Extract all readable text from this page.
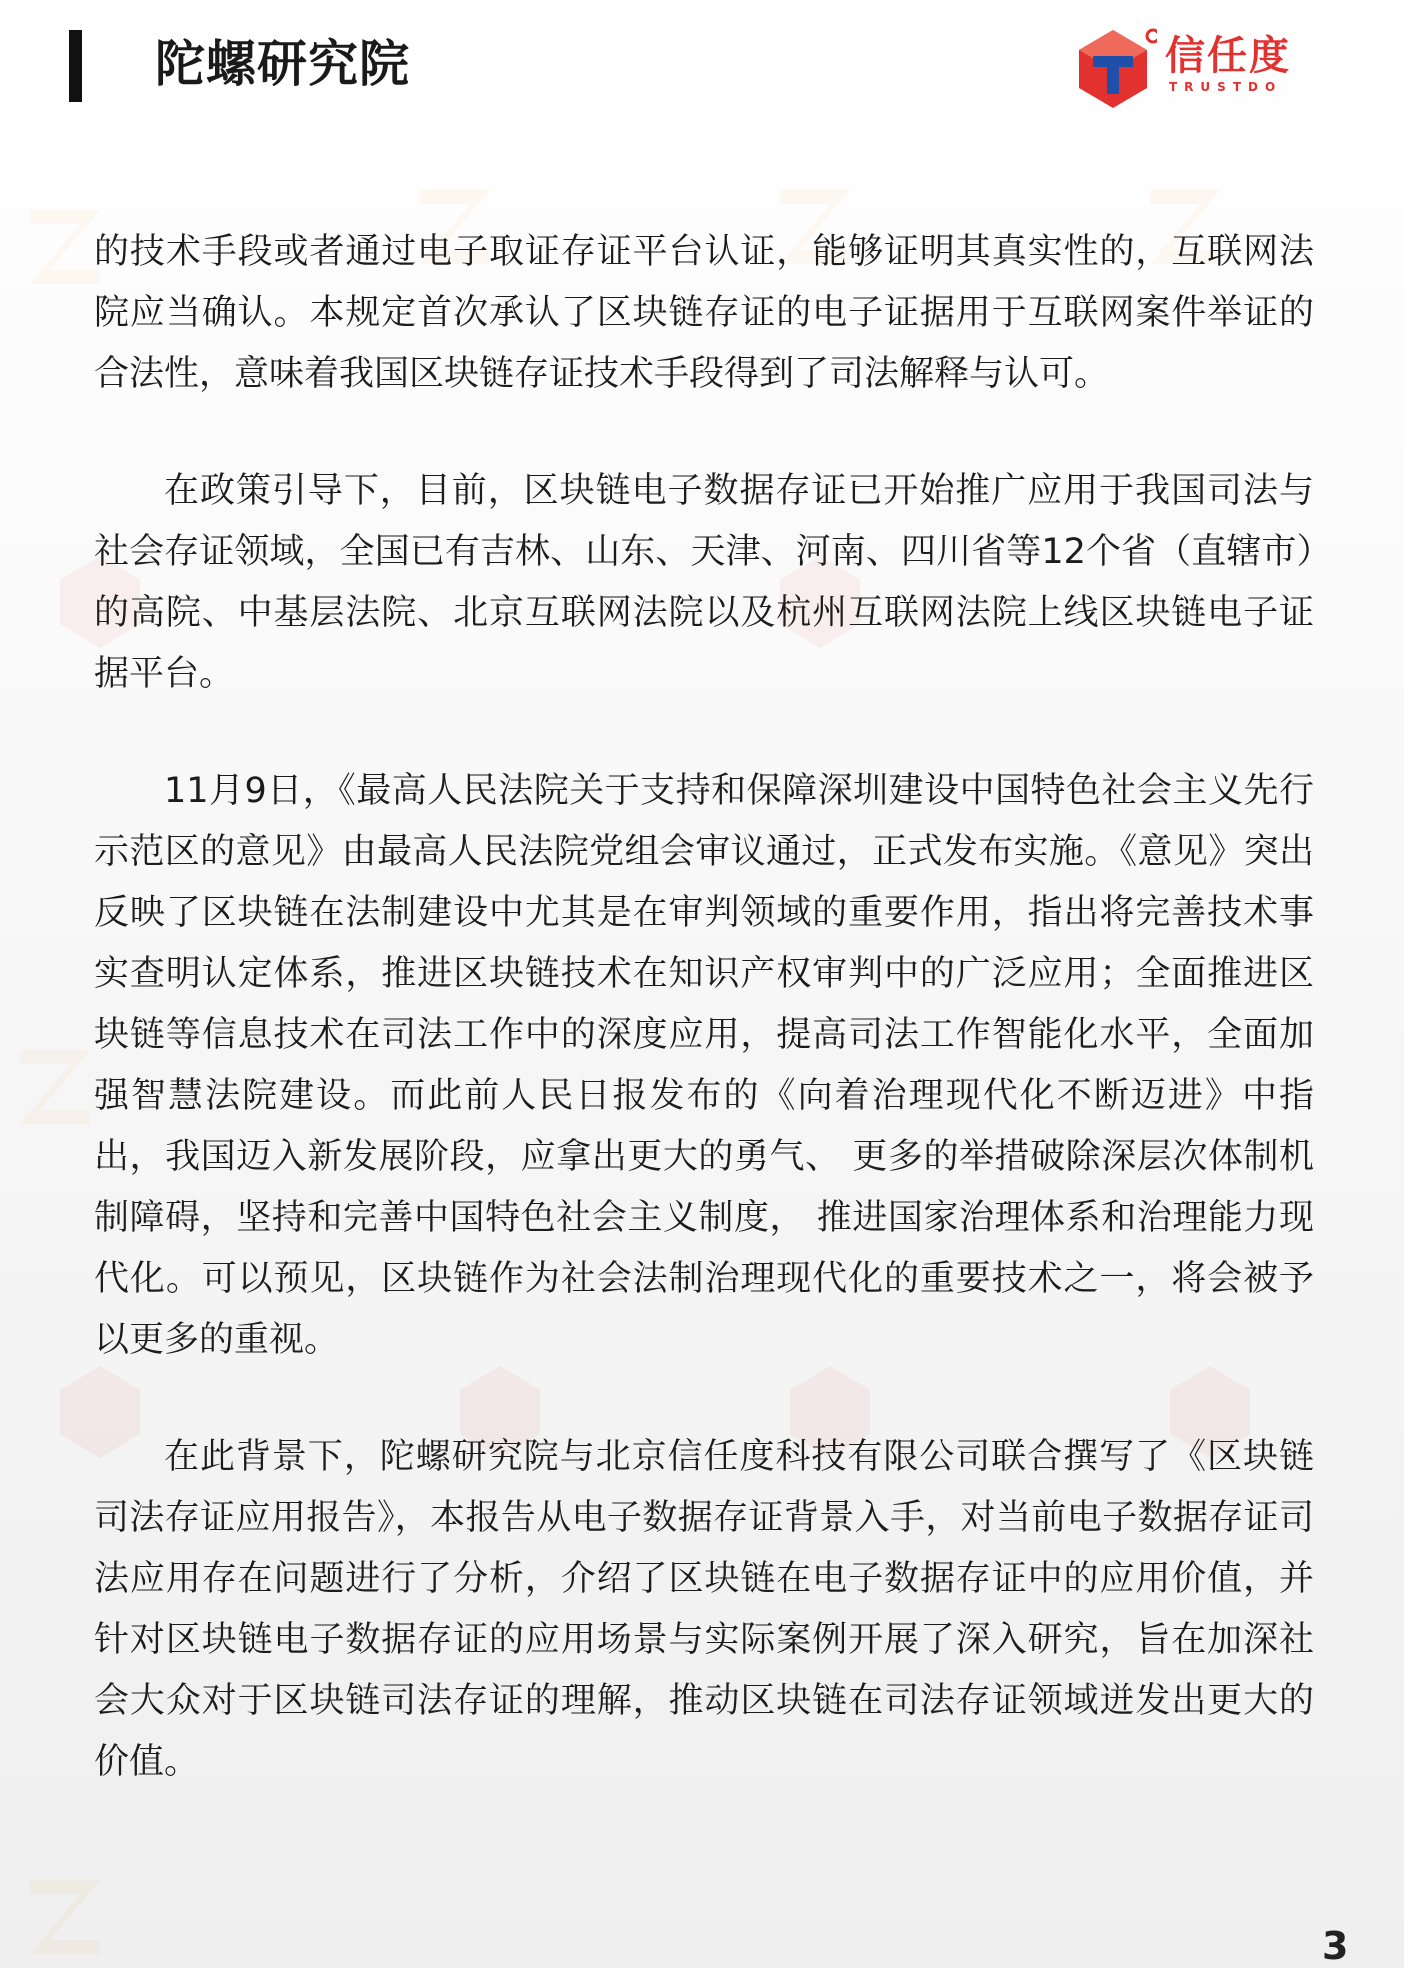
陀螺研究院	信任度
TRUSTDO

的技术手段或者通过电子取证存证平台认证，能够证明其真实性的，互联网法院应当确认。本规定首次承认了区块链存证的电子证据用于互联网案件举证的合法性，意味着我国区块链存证技术手段得到了司法解释与认可。

在政策引导下，目前，区块链电子数据存证已开始推广应用于我国司法与社会存证领域，全国已有吉林、山东、天津、河南、四川省等12个省（直辖市）的高院、中基层法院、北京互联网法院以及杭州互联网法院上线区块链电子证据平台。

11月9日，《最高人民法院关于支持和保障深圳建设中国特色社会主义先行示范区的意见》由最高人民法院党组会审议通过，正式发布实施。《意见》突出反映了区块链在法制建设中尤其是在审判领域的重要作用，指出将完善技术事实查明认定体系，推进区块链技术在知识产权审判中的广泛应用；全面推进区块链等信息技术在司法工作中的深度应用，提高司法工作智能化水平，全面加强智慧法院建设。而此前人民日报发布的《向着治理现代化不断迈进》中指出，我国迈入新发展阶段，应拿出更大的勇气、 更多的举措破除深层次体制机制障碍，坚持和完善中国特色社会主义制度， 推进国家治理体系和治理能力现代化。可以预见，区块链作为社会法制治理现代化的重要技术之一，将会被予以更多的重视。

在此背景下，陀螺研究院与北京信任度科技有限公司联合撰写了《区块链司法存证应用报告》，本报告从电子数据存证背景入手，对当前电子数据存证司法应用存在问题进行了分析，介绍了区块链在电子数据存证中的应用价值，并针对区块链电子数据存证的应用场景与实际案例开展了深入研究，旨在加深社会大众对于区块链司法存证的理解，推动区块链在司法存证领域迸发出更大的价值。

3
